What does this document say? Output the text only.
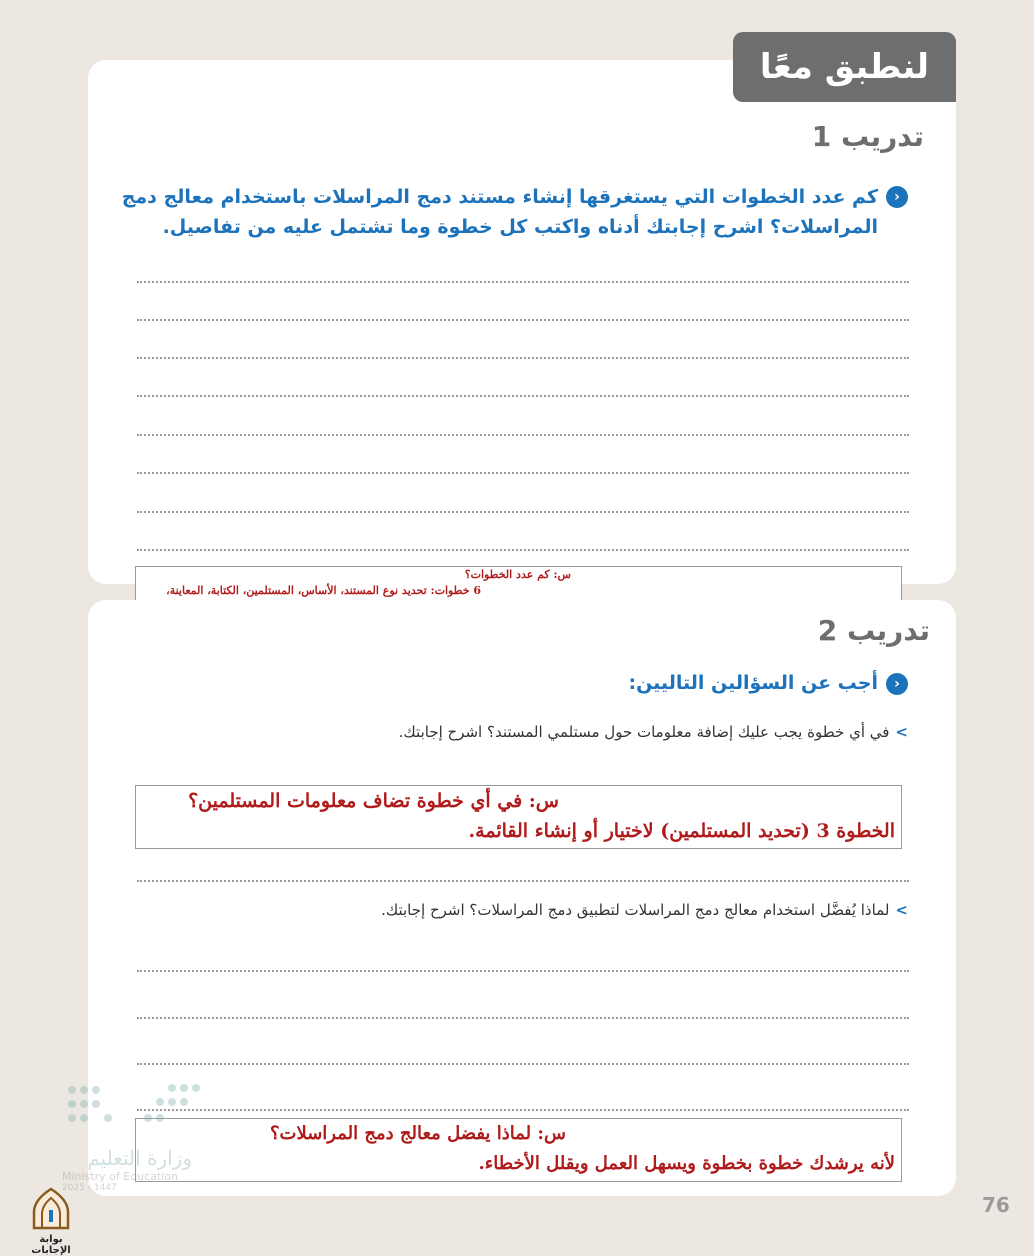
لنطبق معًا
تدريب 1
›
كم عدد الخطوات التي يستغرقها إنشاء مستند دمج المراسلات باستخدام معالج دمج
المراسلات؟ اشرح إجابتك أدناه واكتب كل خطوة وما تشتمل عليه من تفاصيل.
س: كم عدد الخطوات؟
6 خطوات: تحديد نوع المستند، الأساس، المستلمين، الكتابة، المعاينة،
تدريب 2
›
أجب عن السؤالين التاليين:
>في أي خطوة يجب عليك إضافة معلومات حول مستلمي المستند؟ اشرح إجابتك.
س: في أي خطوة تضاف معلومات المستلمين؟
الخطوة 3 (تحديد المستلمين) لاختيار أو إنشاء القائمة.
>لماذا يُفضَّل استخدام معالج دمج المراسلات لتطبيق دمج المراسلات؟ اشرح إجابتك.
س: لماذا يفضل معالج دمج المراسلات؟
لأنه يرشدك خطوة بخطوة ويسهل العمل ويقلل الأخطاء.
وزارة التعليم
Ministry of Education
2025 - 1447
بوابة الإجابات
76
